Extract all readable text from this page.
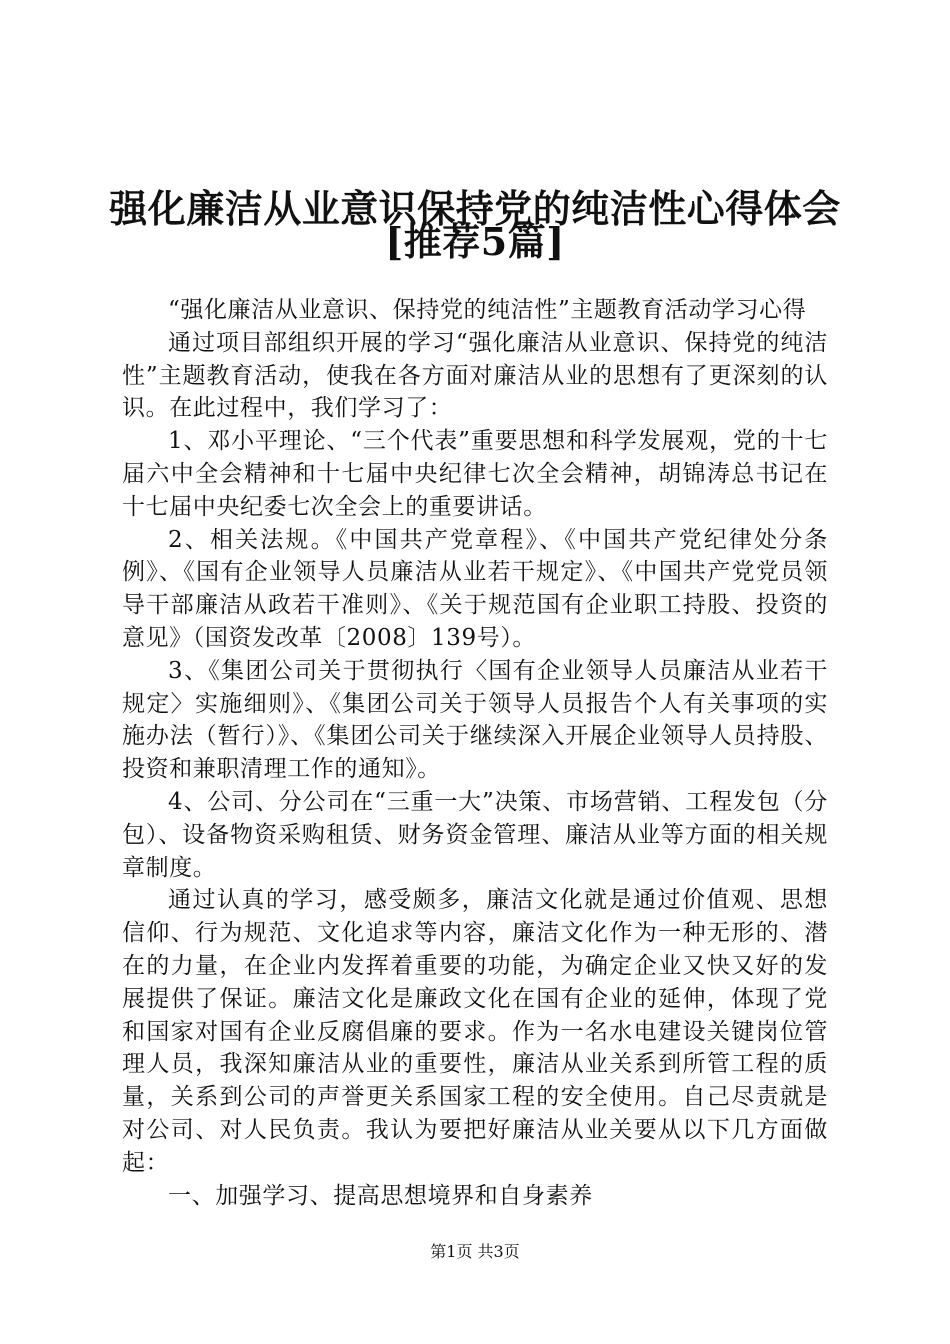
强化廉洁从业意识保持党的纯洁性心得体会
[推荐5篇]

“强化廉洁从业意识、保持党的纯洁性”主题教育活动学习心得

通过项目部组织开展的学习“强化廉洁从业意识、保持党的纯洁性”主题教育活动，使我在各方面对廉洁从业的思想有了更深刻的认识。在此过程中，我们学习了：

1、邓小平理论、“三个代表”重要思想和科学发展观，党的十七届六中全会精神和十七届中央纪律七次全会精神，胡锦涛总书记在十七届中央纪委七次全会上的重要讲话。

2、相关法规。《中国共产党章程》、《中国共产党纪律处分条例》、《国有企业领导人员廉洁从业若干规定》、《中国共产党党员领导干部廉洁从政若干准则》、《关于规范国有企业职工持股、投资的意见》（国资发改革〔2008〕139号）。

3、《集团公司关于贯彻执行〈国有企业领导人员廉洁从业若干规定〉实施细则》、《集团公司关于领导人员报告个人有关事项的实施办法（暂行）》、《集团公司关于继续深入开展企业领导人员持股、投资和兼职清理工作的通知》。

4、公司、分公司在“三重一大”决策、市场营销、工程发包（分包）、设备物资采购租赁、财务资金管理、廉洁从业等方面的相关规章制度。

通过认真的学习，感受颇多，廉洁文化就是通过价值观、思想信仰、行为规范、文化追求等内容，廉洁文化作为一种无形的、潜在的力量，在企业内发挥着重要的功能，为确定企业又快又好的发展提供了保证。廉洁文化是廉政文化在国有企业的延伸，体现了党和国家对国有企业反腐倡廉的要求。作为一名水电建设关键岗位管理人员，我深知廉洁从业的重要性，廉洁从业关系到所管工程的质量，关系到公司的声誉更关系国家工程的安全使用。自己尽责就是对公司、对人民负责。我认为要把好廉洁从业关要从以下几方面做起：

一、加强学习、提高思想境界和自身素养

第1页 共3页
